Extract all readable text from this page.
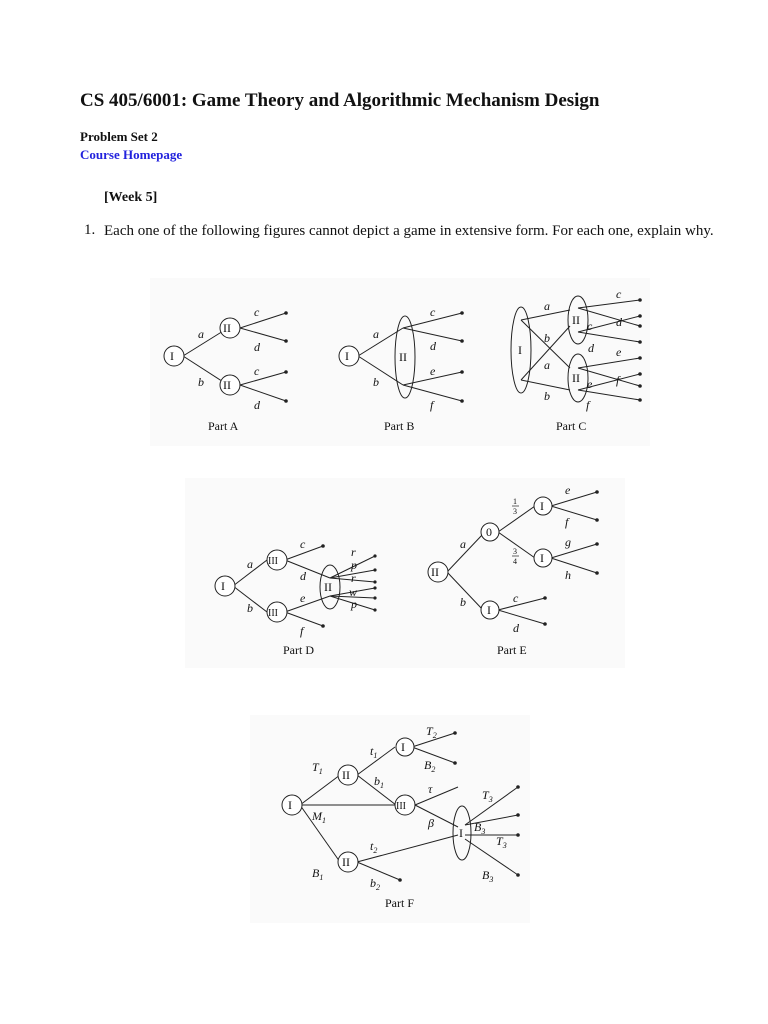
CS 405/6001: Game Theory and Algorithmic Mechanism Design
Problem Set 2
Course Homepage
[Week 5]
1. Each one of the following figures cannot depict a game in extensive form. For each one, explain why.
I
II
II
a
b
c
d
c
d
Part A
I	II
a
b
c
d
e
f
Part B
I
II
II
a
b
a
b
c
d
c
d e
f
e
f
Part C
I
III
III
II
a
b
c
d
e
f
r
p
r
w
p
Part D
II
0
I
I
I
1
3
3
4
a
b	c
d
e
f
g
h
Part E
I
II
II
I
III
I
$T_1$
$M_1$
$B_1$
$t_1$
$b_1$
$t_2$
$b_2$
$T_2$
$B_2$
τ
β
$T_3$
$B_3$
$T_3$
$B_3$
Part F
